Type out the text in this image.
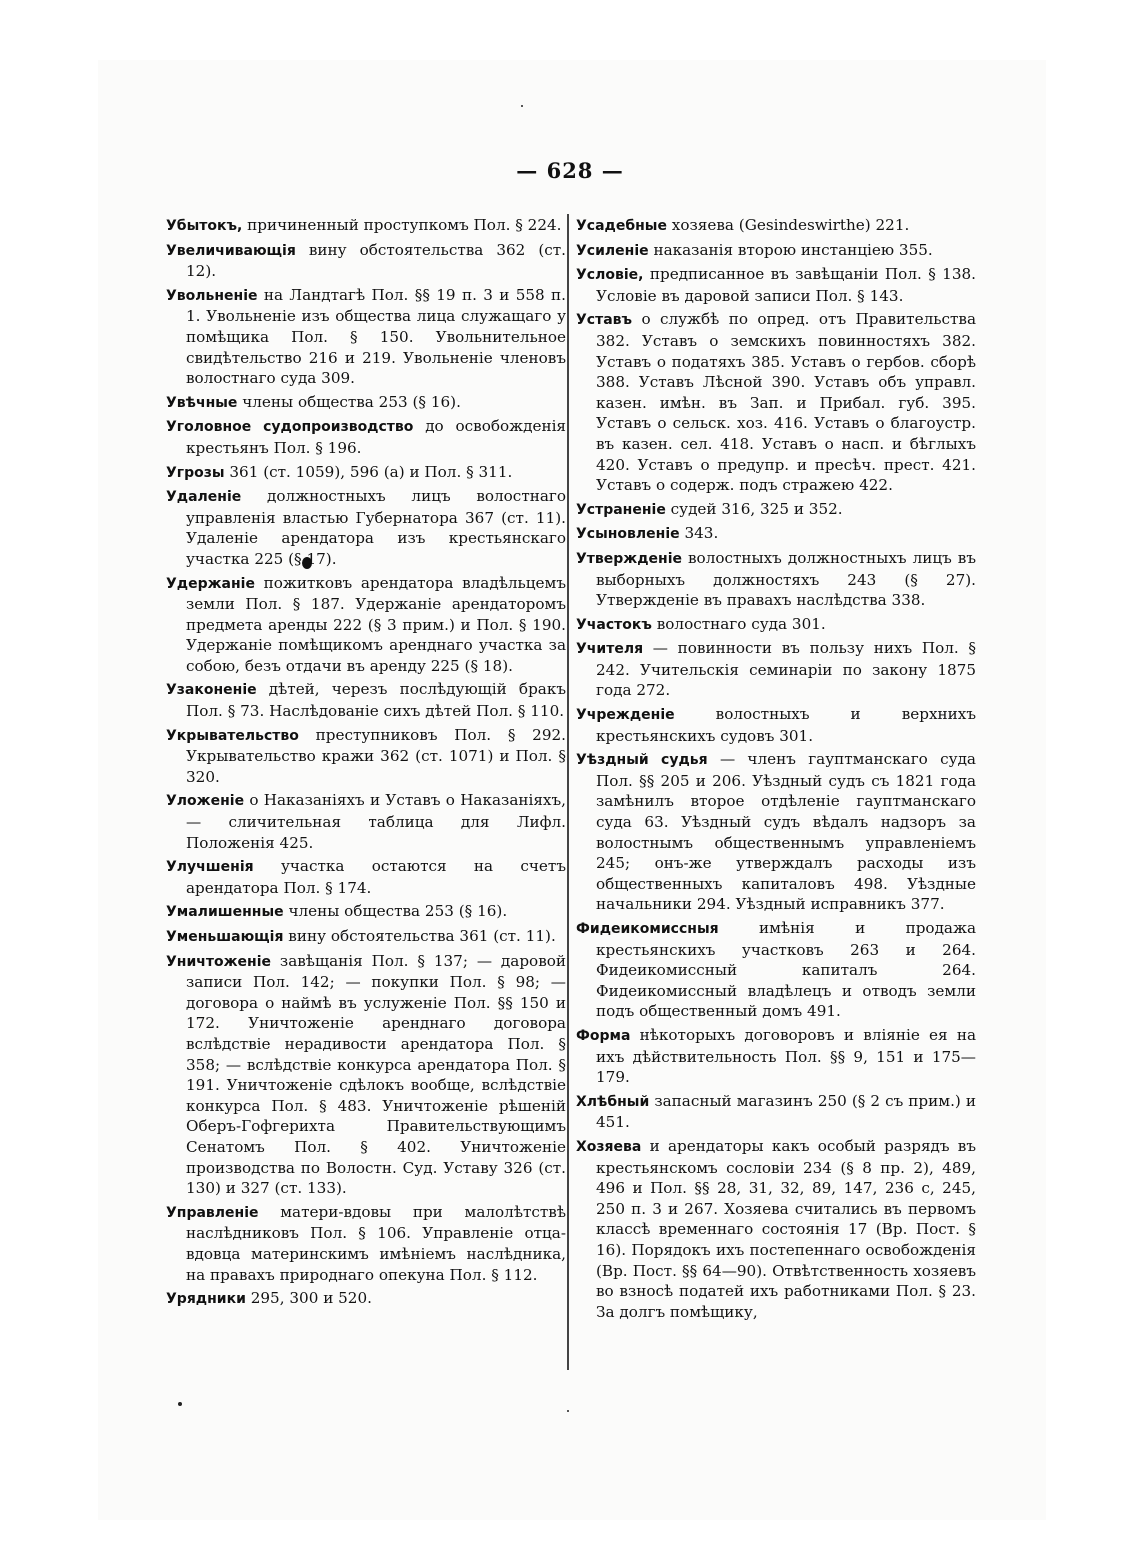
— 628 —

Убытокъ, причиненный проступкомъ Пол. § 224.

Увеличивающія вину обстоятельства 362 (ст. 12).

Увольненіе на Ландтагѣ Пол. §§ 19 п. 3 и 558 п. 1. Увольненіе изъ общества лица служащаго у помѣщика Пол. § 150. Увольнительное свидѣтельство 216 и 219. Увольненіе членовъ волостнаго суда 309.

Увѣчные члены общества 253 (§ 16).

Уголовное судопроизводство до освобожденія крестьянъ Пол. § 196.

Угрозы 361 (ст. 1059), 596 (а) и Пол. § 311.

Удаленіе должностныхъ лицъ волостнаго управленія властью Губернатора 367 (ст. 11). Удаленіе арендатора изъ крестьянскаго участка 225 (§ 17).

Удержаніе пожитковъ арендатора владѣльцемъ земли Пол. § 187. Удержаніе арендаторомъ предмета аренды 222 (§ 3 прим.) и Пол. § 190. Удержаніе помѣщикомъ аренднаго участка за собою, безъ отдачи въ аренду 225 (§ 18).

Узаконеніе дѣтей, черезъ послѣдующій бракъ Пол. § 73. Наслѣдованіе сихъ дѣтей Пол. § 110.

Укрывательство преступниковъ Пол. § 292. Укрывательство кражи 362 (ст. 1071) и Пол. § 320.

Уложеніе о Наказаніяхъ и Уставъ о Наказаніяхъ, — сличительная таблица для Лифл. Положенія 425.

Улучшенія участка остаются на счетъ арендатора Пол. § 174.

Умалишенные члены общества 253 (§ 16).

Уменьшающія вину обстоятельства 361 (ст. 11).

Уничтоженіе завѣщанія Пол. § 137; — даровой записи Пол. 142; — покупки Пол. § 98; — договора о наймѣ въ услуженіе Пол. §§ 150 и 172. Уничтоженіе аренднаго договора вслѣдствіе нерадивости арендатора Пол. § 358; — вслѣдствіе конкурса арендатора Пол. § 191. Уничтоженіе сдѣлокъ вообще, вслѣдствіе конкурса Пол. § 483. Уничтоженіе рѣшеній Оберъ-Гофгерихта Правительствующимъ Сенатомъ Пол. § 402. Уничтоженіе производства по Волостн. Суд. Уставу 326 (ст. 130) и 327 (ст. 133).

Управленіе матери-вдовы при малолѣтствѣ наслѣдниковъ Пол. § 106. Управленіе отца-вдовца материнскимъ имѣніемъ наслѣдника, на правахъ природнаго опекуна Пол. § 112.

Урядники 295, 300 и 520.

Усадебные хозяева (Gesindeswirthe) 221.

Усиленіе наказанія второю инстанціею 355.

Условіе, предписанное въ завѣщаніи Пол. § 138. Условіе въ даровой записи Пол. § 143.

Уставъ о службѣ по опред. отъ Правительства 382. Уставъ о земскихъ повинностяхъ 382. Уставъ о податяхъ 385. Уставъ о гербов. сборѣ 388. Уставъ Лѣсной 390. Уставъ объ управл. казен. имѣн. въ Зап. и Прибал. губ. 395. Уставъ о сельск. хоз. 416. Уставъ о благоустр. въ казен. сел. 418. Уставъ о насп. и бѣглыхъ 420. Уставъ о предупр. и пресѣч. прест. 421. Уставъ о содерж. подъ стражею 422.

Устраненіе судей 316, 325 и 352.

Усыновленіе 343.

Утвержденіе волостныхъ должностныхъ лицъ въ выборныхъ должностяхъ 243 (§ 27). Утвержденіе въ правахъ наслѣдства 338.

Участокъ волостнаго суда 301.

Учителя — повинности въ пользу нихъ Пол. § 242. Учительскія семинаріи по закону 1875 года 272.

Учрежденіе	волостныхъ и верхнихъ крестьянскихъ судовъ 301.

Уѣздный судья — членъ гауптманскаго суда Пол. §§ 205 и 206. Уѣздный судъ съ 1821 года замѣнилъ второе отдѣленіе гауптманскаго суда 63. Уѣздный судъ вѣдалъ надзоръ за волостнымъ общественнымъ управленіемъ 245; онъ-же утверждалъ расходы изъ общественныхъ капиталовъ 498. Уѣздные начальники 294. Уѣздный исправникъ 377.

Фидеикомиссныя	имѣнія и продажа крестьянскихъ участковъ 263 и 264. Фидеикомиссный капиталъ 264. Фидеикомиссный владѣлецъ и отводъ земли подъ общественный домъ 491.

Форма нѣкоторыхъ договоровъ и вліяніе ея на ихъ дѣйствительность Пол. §§ 9, 151 и 175—179.

Хлѣбный запасный магазинъ 250 (§ 2 съ прим.) и 451.

Хозяева и арендаторы какъ особый разрядъ въ крестьянскомъ сословіи 234 (§ 8 пр. 2), 489, 496 и Пол. §§ 28, 31, 32, 89, 147, 236 с, 245, 250 п. 3 и 267. Хозяева считались въ первомъ классѣ временнаго состоянія 17 (Вр. Пост. § 16). Порядокъ ихъ постепеннаго освобожденія (Вр. Пост. §§ 64—90). Отвѣтственность хозяевъ во взносѣ податей ихъ работниками Пол. § 23. За долгъ помѣщику,
